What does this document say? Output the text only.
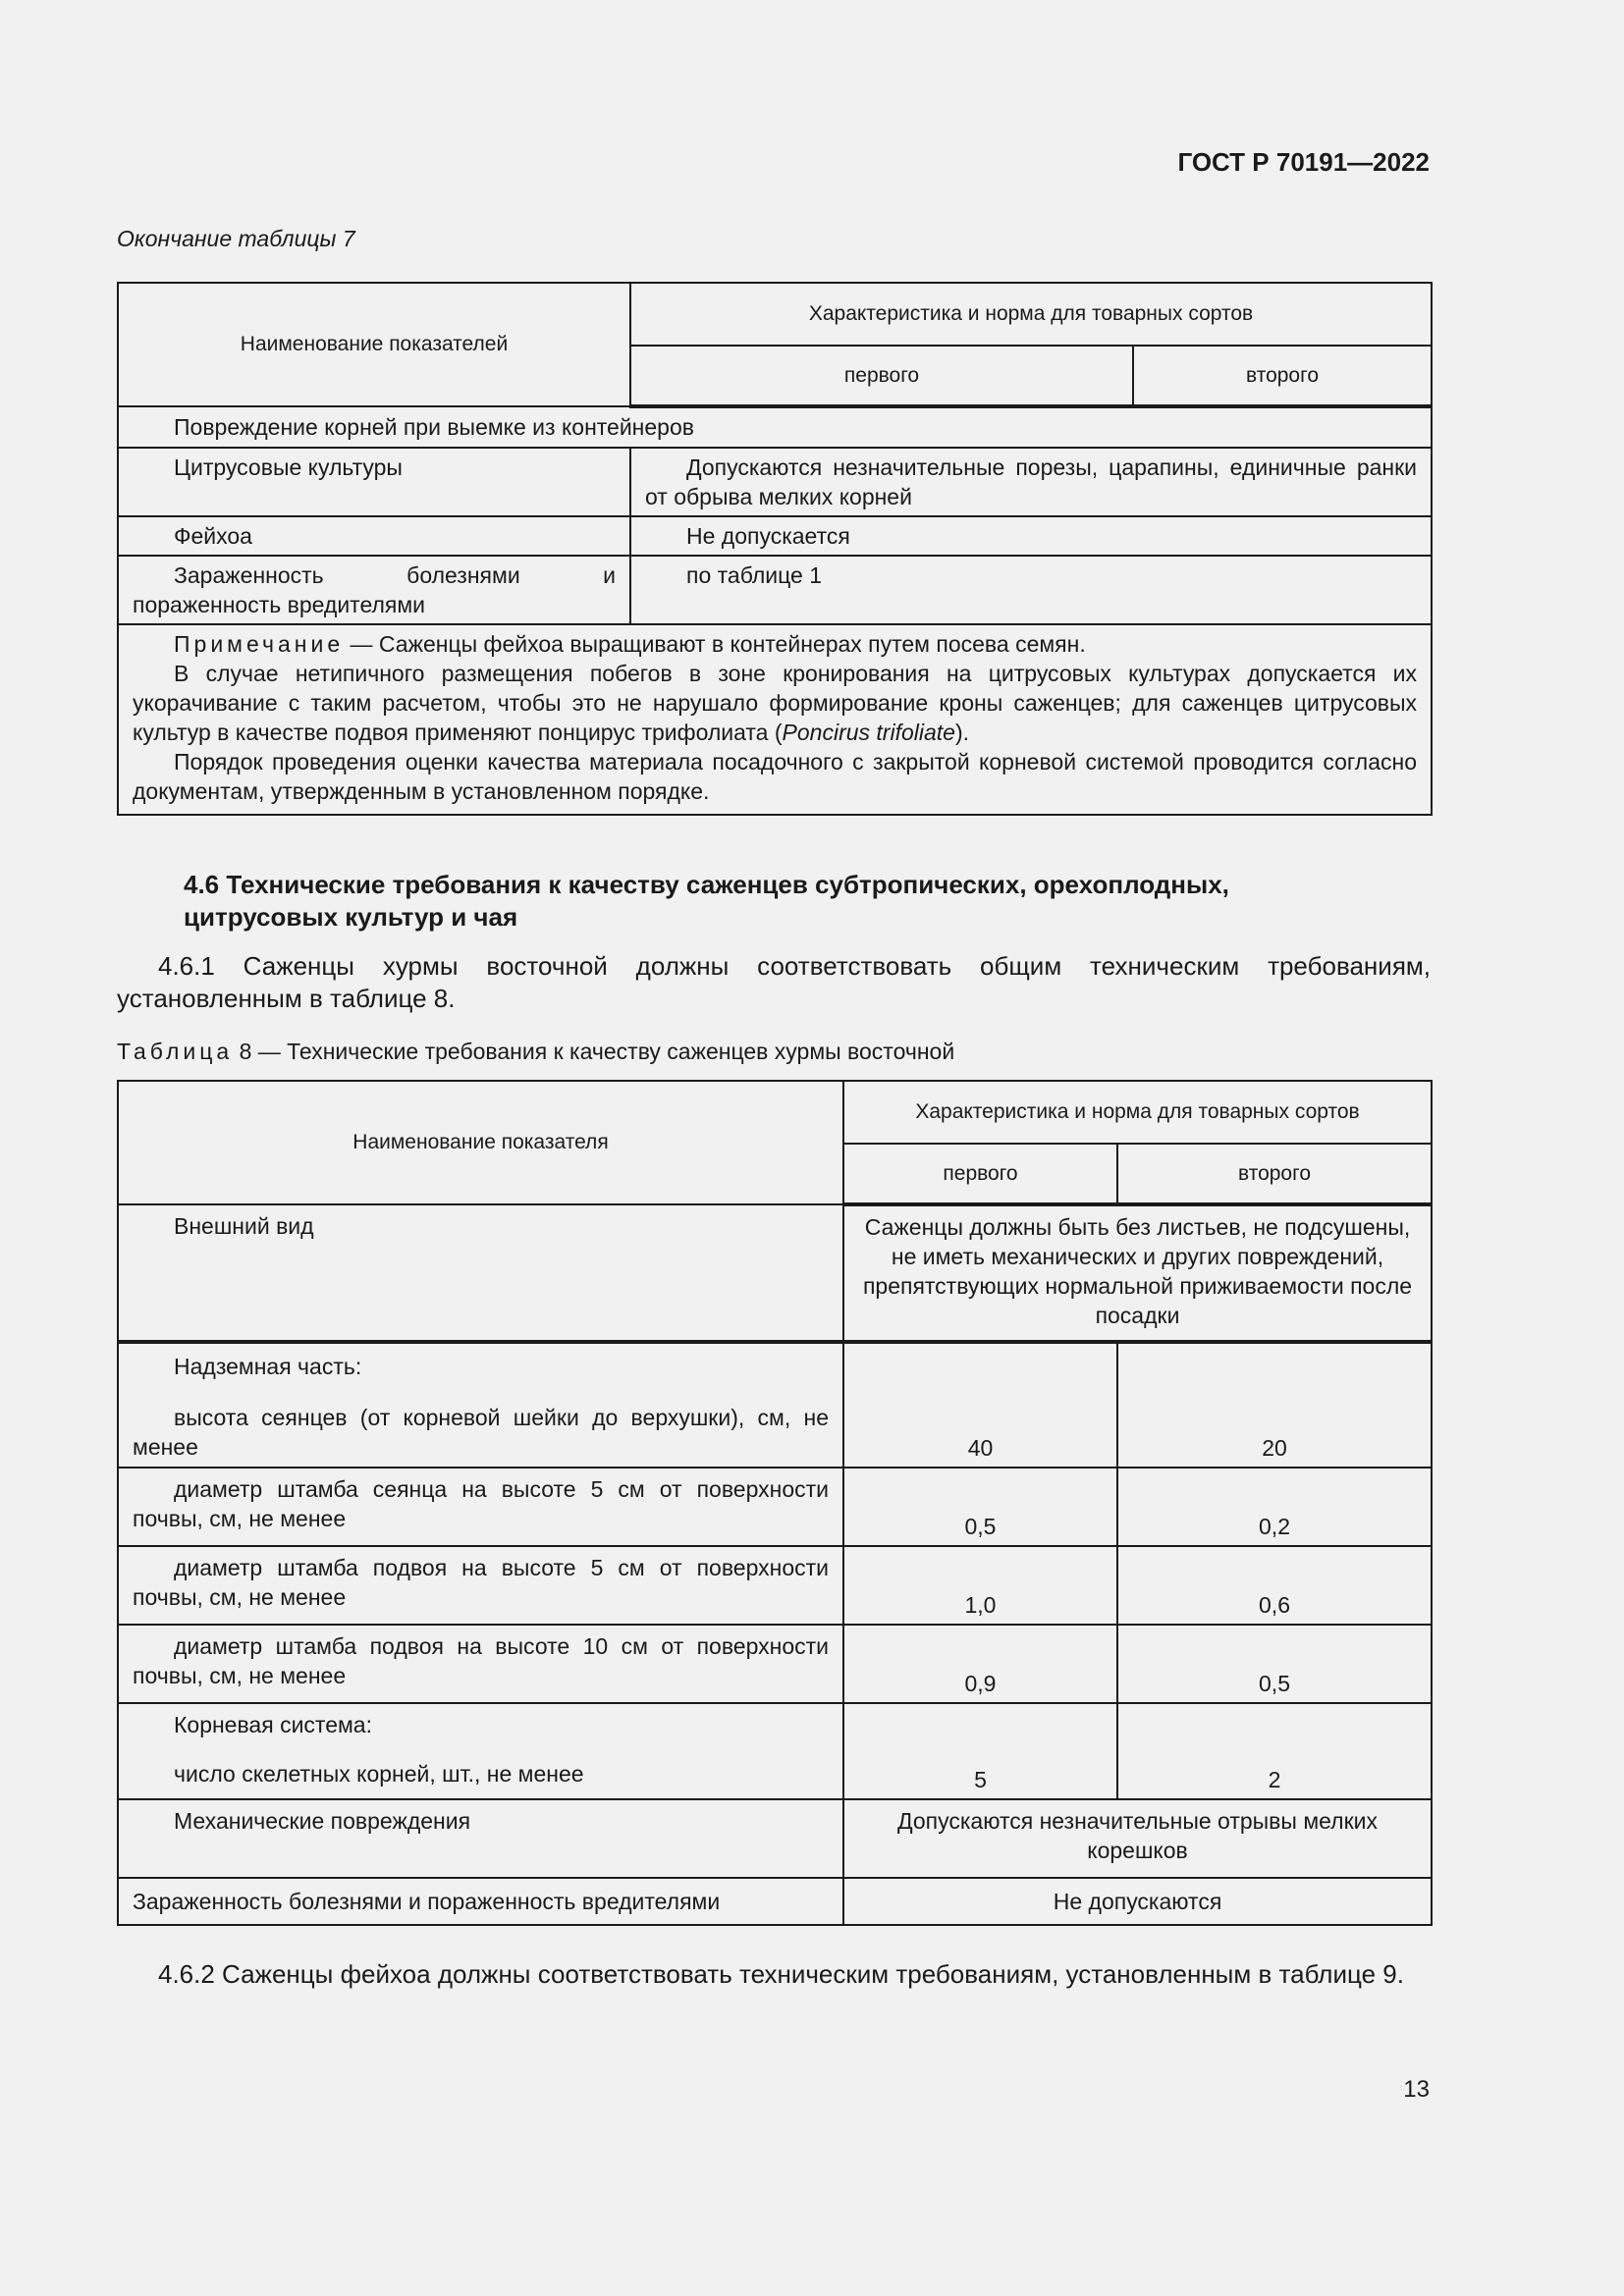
ГОСТ Р 70191—2022
Окончание таблицы 7
Наименование показателей	Характеристика и норма для товарных сортов	
	первого	второго
Повреждение корней при выемке из контейнеров		
Цитрусовые культуры	Допускаются незначительные порезы, царапины, единичные ранки от обрыва мелких корней	
Фейхоа	Не допускается	
Зараженность болезнями и пораженность вредителями	по таблице 1	

Примечание — Саженцы фейхоа выращивают в контейнерах путем посева семян.
В случае нетипичного размещения побегов в зоне кронирования на цитрусовых культурах допускается их укорачивание с таким расчетом, чтобы это не нарушало формирование кроны саженцев; для саженцев цитрусовых культур в качестве подвоя применяют понцирус трифолиата (Poncirus trifoliate).
Порядок проведения оценки качества материала посадочного с закрытой корневой системой проводится согласно документам, утвержденным в установленном порядке.		
4.6 Технические требования к качеству саженцев субтропических, орехоплодных, цитрусовых культур и чая
4.6.1 Саженцы хурмы восточной должны соответствовать общим техническим требованиям, установленным в таблице 8.
Таблица 8 — Технические требования к качеству саженцев хурмы восточной
Наименование показателя	Характеристика и норма для товарных сортов	
	первого	второго
Внешний вид	Саженцы должны быть без листьев, не подсушены, не иметь механических и других повреждений, препятствующих нормальной приживаемости после посадки	

Надземная часть:
высота сеянцев (от корневой шейки до верхушки), см, не менее	40	20
диаметр штамба сеянца на высоте 5 см от поверхности почвы, см, не менее	0,5	0,2
диаметр штамба подвоя на высоте 5 см от поверхности почвы, см, не менее	1,0	0,6
диаметр штамба подвоя на высоте 10 см от поверхности почвы, см, не менее	0,9	0,5

Корневая система:
число скелетных корней, шт., не менее	5	2
Механические повреждения	Допускаются незначительные отрывы мелких корешков	
Зараженность болезнями и пораженность вредителями	Не допускаются	
4.6.2 Саженцы фейхоа должны соответствовать техническим требованиям, установленным в таблице 9.
13
